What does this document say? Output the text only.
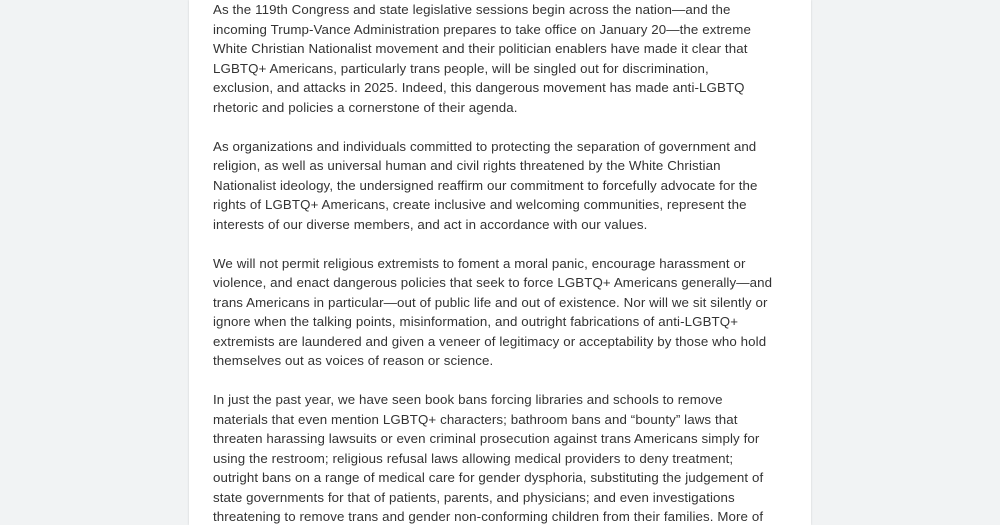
As the 119th Congress and state legislative sessions begin across the nation—and the
incoming Trump-Vance Administration prepares to take office on January 20—the extreme
White Christian Nationalist movement and their politician enablers have made it clear that
LGBTQ+ Americans, particularly trans people, will be singled out for discrimination,
exclusion, and attacks in 2025. Indeed, this dangerous movement has made anti-LGBTQ
rhetoric and policies a cornerstone of their agenda.

As organizations and individuals committed to protecting the separation of government and
religion, as well as universal human and civil rights threatened by the White Christian
Nationalist ideology, the undersigned reaffirm our commitment to forcefully advocate for the
rights of LGBTQ+ Americans, create inclusive and welcoming communities, represent the
interests of our diverse members, and act in accordance with our values.

We will not permit religious extremists to foment a moral panic, encourage harassment or
violence, and enact dangerous policies that seek to force LGBTQ+ Americans generally—and
trans Americans in particular—out of public life and out of existence. Nor will we sit silently or
ignore when the talking points, misinformation, and outright fabrications of anti-LGBTQ+
extremists are laundered and given a veneer of legitimacy or acceptability by those who hold
themselves out as voices of reason or science.

In just the past year, we have seen book bans forcing libraries and schools to remove
materials that even mention LGBTQ+ characters; bathroom bans and “bounty” laws that
threaten harassing lawsuits or even criminal prosecution against trans Americans simply for
using the restroom; religious refusal laws allowing medical providers to deny treatment;
outright bans on a range of medical care for gender dysphoria, substituting the judgement of
state governments for that of patients, parents, and physicians; and even investigations
threatening to remove trans and gender non-conforming children from their families. More of
